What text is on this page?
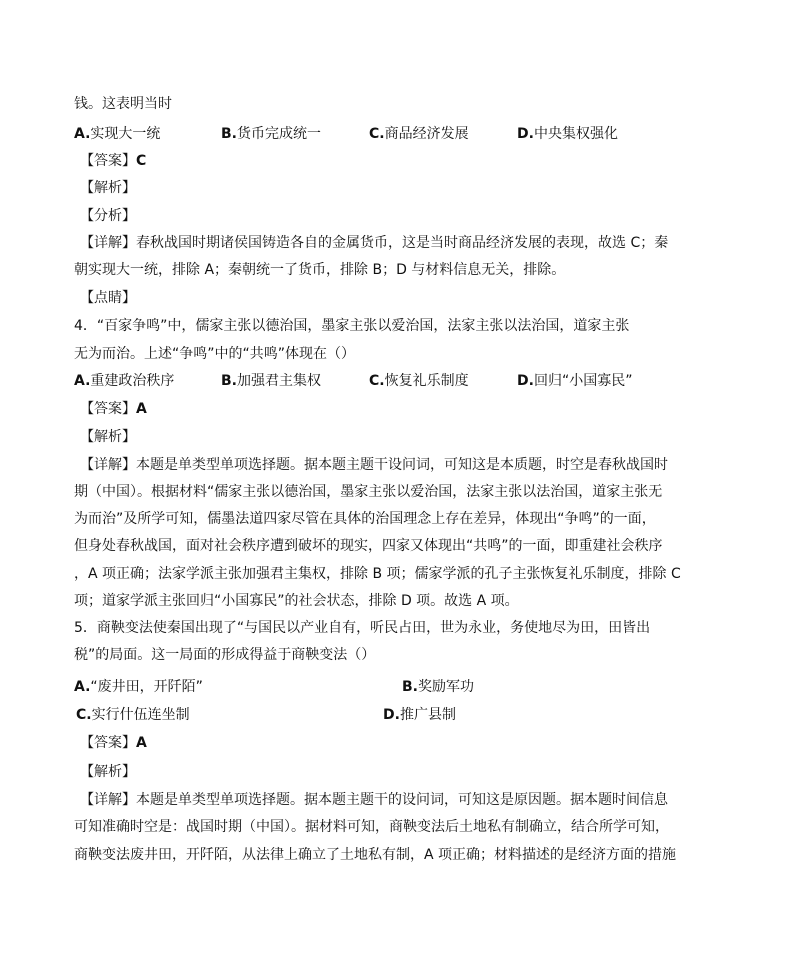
钱。这表明当时
A.实现大一统	B.货币完成统一	C.商品经济发展	D.中央集权强化
【答案】C
【解析】
【分析】
【详解】春秋战国时期诸侯国铸造各自的金属货币，这是当时商品经济发展的表现，故选 C；秦
朝实现大一统，排除 A；秦朝统一了货币，排除 B；D 与材料信息无关，排除。
【点睛】
4．“百家争鸣”中，儒家主张以德治国，墨家主张以爱治国，法家主张以法治国，道家主张
无为而治。上述“争鸣”中的“共鸣”体现在（）
A.重建政治秩序	B.加强君主集权	C.恢复礼乐制度	D.回归“小国寡民”
【答案】A
【解析】
【详解】本题是单类型单项选择题。据本题主题干设问词，可知这是本质题，时空是春秋战国时
期（中国）。根据材料“儒家主张以德治国，墨家主张以爱治国，法家主张以法治国，道家主张无
为而治”及所学可知，儒墨法道四家尽管在具体的治国理念上存在差异，体现出“争鸣”的一面，
但身处春秋战国，面对社会秩序遭到破坏的现实，四家又体现出“共鸣”的一面，即重建社会秩序
，A 项正确；法家学派主张加强君主集权，排除 B 项；儒家学派的孔子主张恢复礼乐制度，排除 C
项；道家学派主张回归“小国寡民”的社会状态，排除 D 项。故选 A 项。
5．商鞅变法使秦国出现了“与国民以产业自有，听民占田，世为永业，务使地尽为田，田皆出
税”的局面。这一局面的形成得益于商鞅变法（）
A.“废井田，开阡陌”	B.奖励军功
C.实行什伍连坐制	D.推广县制
【答案】A
【解析】
【详解】本题是单类型单项选择题。据本题主题干的设问词，可知这是原因题。据本题时间信息
可知准确时空是：战国时期（中国）。据材料可知，商鞅变法后土地私有制确立，结合所学可知，
商鞅变法废井田，开阡陌，从法律上确立了土地私有制，A 项正确；材料描述的是经济方面的措施
